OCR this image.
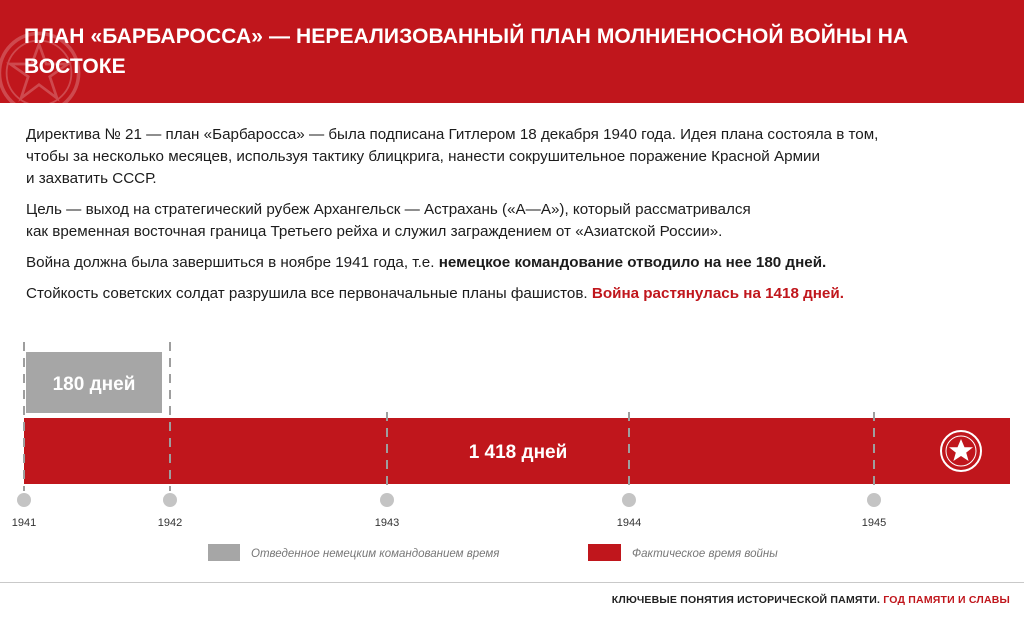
ПЛАН «БАРБАРОССА» — НЕРЕАЛИЗОВАННЫЙ ПЛАН МОЛНИЕНОСНОЙ ВОЙНЫ НА ВОСТОКЕ

Директива № 21 — план «Барбаросса» — была подписана Гитлером 18 декабря 1940 года. Идея плана состояла в том,
чтобы за несколько месяцев, используя тактику блицкрига, нанести сокрушительное поражение Красной Армии
и захватить СССР.

Цель — выход на стратегический рубеж Архангельск — Астрахань («А—А»), который рассматривался
как временная восточная граница Третьего рейха и служил заграждением от «Азиатской России».

Война должна была завершиться в ноябре 1941 года, т.е. немецкое командование отводило на нее 180 дней.

Стойкость советских солдат разрушила все первоначальные планы фашистов. Война растянулась на 1418 дней.

1941	1942	1943	1944	1945
180 дней
1 418 дней
Отведенное немецким командованием время	Фактическое время войны
КЛЮЧЕВЫЕ ПОНЯТИЯ ИСТОРИЧЕСКОЙ ПАМЯТИ. ГОД ПАМЯТИ И СЛАВЫ
